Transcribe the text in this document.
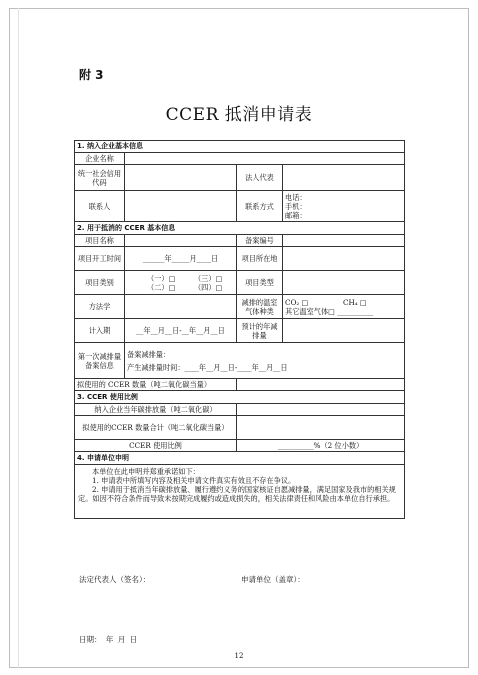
附 3
CCER 抵消申请表
1. 纳入企业基本信息			
企业名称			
统一社会信用代码		法人代表	
联系人		联系方式	电话：
手机：
邮箱：

2. 用于抵消的 CCER 基本信息			
项目名称		备案编号	
项目开工时间	______年_____月____日	项目所在地	
项目类别	（一）□ （三）□
（二）□ （四）□	项目类型	
方法学		减排的温室气体种类	CO₂ □ CH₄ □
其它温室气体□ __________

计入期	__年__月__日-__年__月__日	预计的年减排量	
第一次减排量备案信息	备案减排量：
产生减排量时间：____年__月__日-____年__月__日		

拟使用的 CCER 数量（吨二氧化碳当量）			
3. CCER 使用比例			
纳入企业当年碳排放量（吨二氧化碳）			
拟使用的CCER 数量合计（吨二氧化碳当量）			
CCER 使用比例		__________%（2 位小数）	
4. 申请单位申明			

本单位在此申明并郑重承诺如下：

1. 申请表中所填写内容及相关申请文件真实有效且不存在争议。

2. 申请用于抵消当年碳排放量、履行遵约义务的国家核证自愿减排量，满足国家及我市的相关规定。如因不符合条件而导致未按期完成履约或造成损失的，相关法律责任和风险由本单位自行承担。			

法定代表人（签名）：	申请单位（盖章）：
日期： 年 月 日
12
